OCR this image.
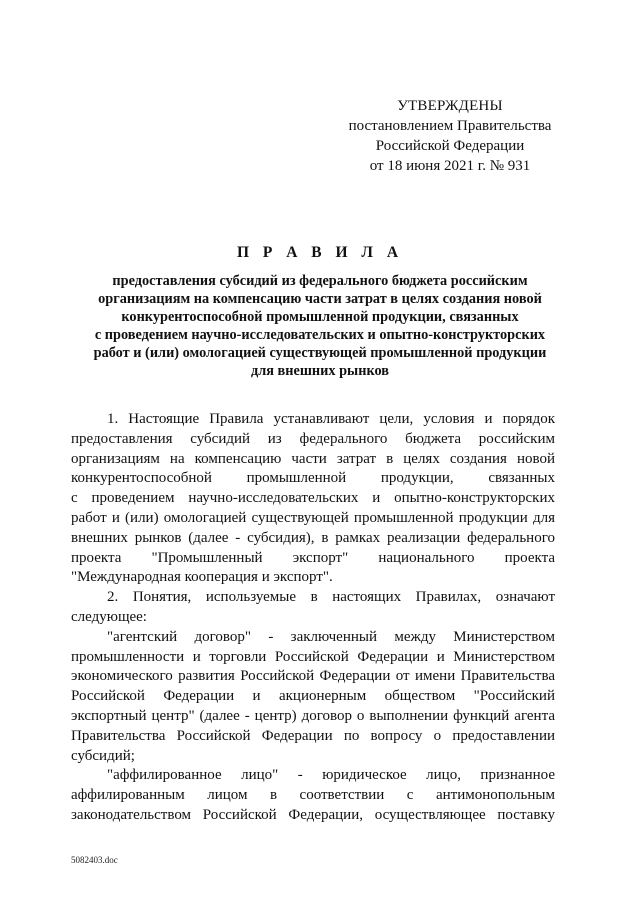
УТВЕРЖДЕНЫ
постановлением Правительства
Российской Федерации
от 18 июня 2021 г. № 931
П Р А В И Л А
предоставления субсидий из федерального бюджета российским
организациям на компенсацию части затрат в целях создания новой
конкурентоспособной промышленной продукции, связанных
с проведением научно-исследовательских и опытно-конструкторских
работ и (или) омологацией существующей промышленной продукции
для внешних рынков
1. Настоящие Правила устанавливают цели, условия и порядок
предоставления субсидий из федерального бюджета российским
организациям на компенсацию части затрат в целях создания новой
конкурентоспособной промышленной продукции, связанных
с проведением научно-исследовательских и опытно-конструкторских
работ и (или) омологацией существующей промышленной продукции для
внешних рынков (далее - субсидия), в рамках реализации федерального
проекта "Промышленный экспорт" национального проекта
"Международная кооперация и экспорт".
2. Понятия, используемые в настоящих Правилах, означают
следующее:
"агентский договор" - заключенный между Министерством
промышленности и торговли Российской Федерации и Министерством
экономического развития Российской Федерации от имени Правительства
Российской Федерации и акционерным обществом "Российский
экспортный центр" (далее - центр) договор о выполнении функций агента
Правительства Российской Федерации по вопросу о предоставлении
субсидий;
"аффилированное лицо" - юридическое лицо, признанное
аффилированным лицом в соответствии с антимонопольным
законодательством Российской Федерации, осуществляющее поставку
5082403.doc
